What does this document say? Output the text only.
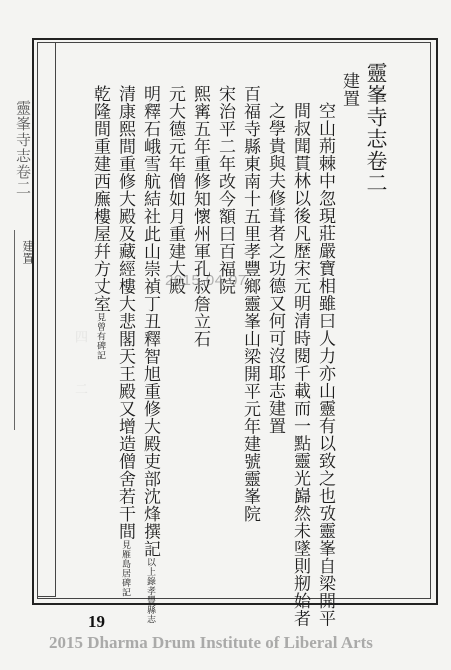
靈峯寺志卷二
建置
靈峯寺志卷二
建置
空山荊棘中忽現莊嚴寶相雖曰人力亦山靈有以致之也攷靈峯自梁開平
間叔聞貫林以後凡歷宋元明清時閱千載而一點靈光巋然未墜則剏始者
之學貴與夫修葺者之功德又何可沒耶志建置
百福寺縣東南十五里孝豐鄉靈峯山梁開平元年建號靈峯院
宋治平二年改今額曰百福院
熙寗五年重修知懷州軍孔叔詹立石
元大德元年僧如月重建大殿
明釋石峨雪航結社此山崇禎丁丑釋智旭重修大殿吏部沈烽撰記以上錄孝豐縣志
清康熙間重修大殿及藏經樓大悲閣天王殿又增造僧舍若干間見雁島居碑記
乾隆間重建西廡樓屋幷方丈室見曾有碑記
四　　　二
2015-04-07
19
2015 Dharma Drum Institute of Liberal Arts
